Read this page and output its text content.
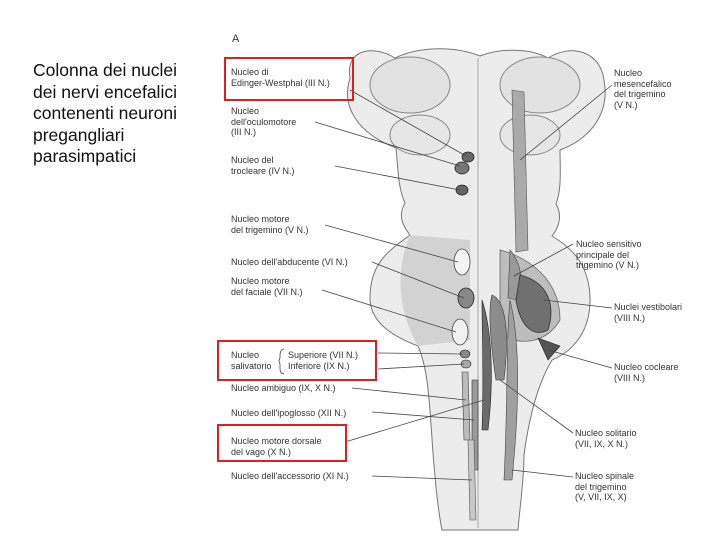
Colonna dei nuclei
dei nervi encefalici
contenenti neuroni
pregangliari
parasimpatici
A
Nucleo di
Edinger-Westphal (III N.)
Nucleo
dell'oculomotore
(III N.)
Nucleo del
trocleare (IV N.)
Nucleo motore
del trigemino (V N.)
Nucleo dell'abducente (VI N.)
Nucleo motore
del faciale (VII N.)
Nucleo
salivatorio
Superiore (VII N.)
Inferiore (IX N.)
Nucleo ambiguo (IX, X N.)
Nucleo dell'ipoglosso (XII N.)
Nucleo motore dorsale
del vago (X N.)
Nucleo dell'accessorio (XI N.)
Nucleo
mesencefalico
del trigemino
(V N.)
Nucleo sensitivo
principale del
trigemino (V N.)
Nuclei vestibolari
(VIII N.)
Nucleo cocleare
(VIII N.)
Nucleo solitario
(VII, IX, X N.)
Nucleo spinale
del trigemino
(V, VII, IX, X)
